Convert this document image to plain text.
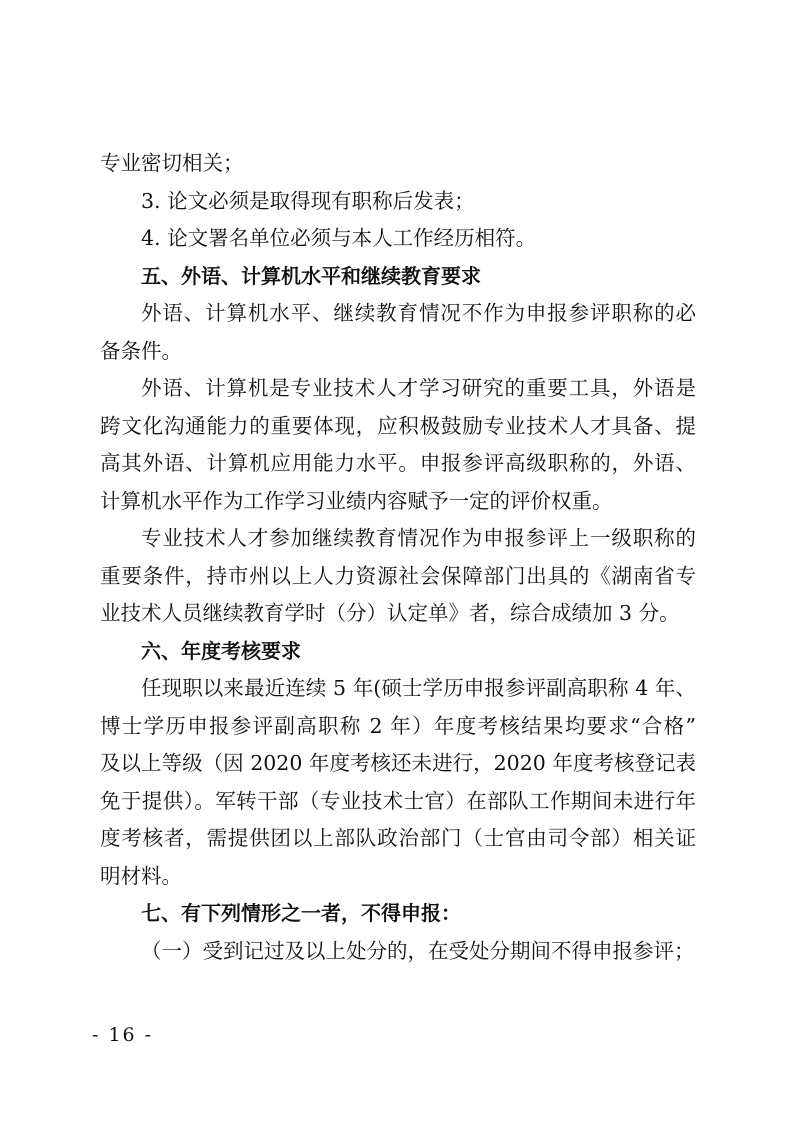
专业密切相关；
3. 论文必须是取得现有职称后发表；
4. 论文署名单位必须与本人工作经历相符。
五、外语、计算机水平和继续教育要求
外语、计算机水平、继续教育情况不作为申报参评职称的必
备条件。
外语、计算机是专业技术人才学习研究的重要工具，外语是
跨文化沟通能力的重要体现，应积极鼓励专业技术人才具备、提
高其外语、计算机应用能力水平。申报参评高级职称的，外语、
计算机水平作为工作学习业绩内容赋予一定的评价权重。
专业技术人才参加继续教育情况作为申报参评上一级职称的
重要条件，持市州以上人力资源社会保障部门出具的《湖南省专
业技术人员继续教育学时（分）认定单》者，综合成绩加 3 分。
六、年度考核要求
任现职以来最近连续 5 年(硕士学历申报参评副高职称 4 年、
博士学历申报参评副高职称 2 年）年度考核结果均要求“合格”
及以上等级（因 2020 年度考核还未进行，2020 年度考核登记表
免于提供）。军转干部（专业技术士官）在部队工作期间未进行年
度考核者，需提供团以上部队政治部门（士官由司令部）相关证
明材料。
七、有下列情形之一者，不得申报：
（一）受到记过及以上处分的，在受处分期间不得申报参评；
- 16 -
